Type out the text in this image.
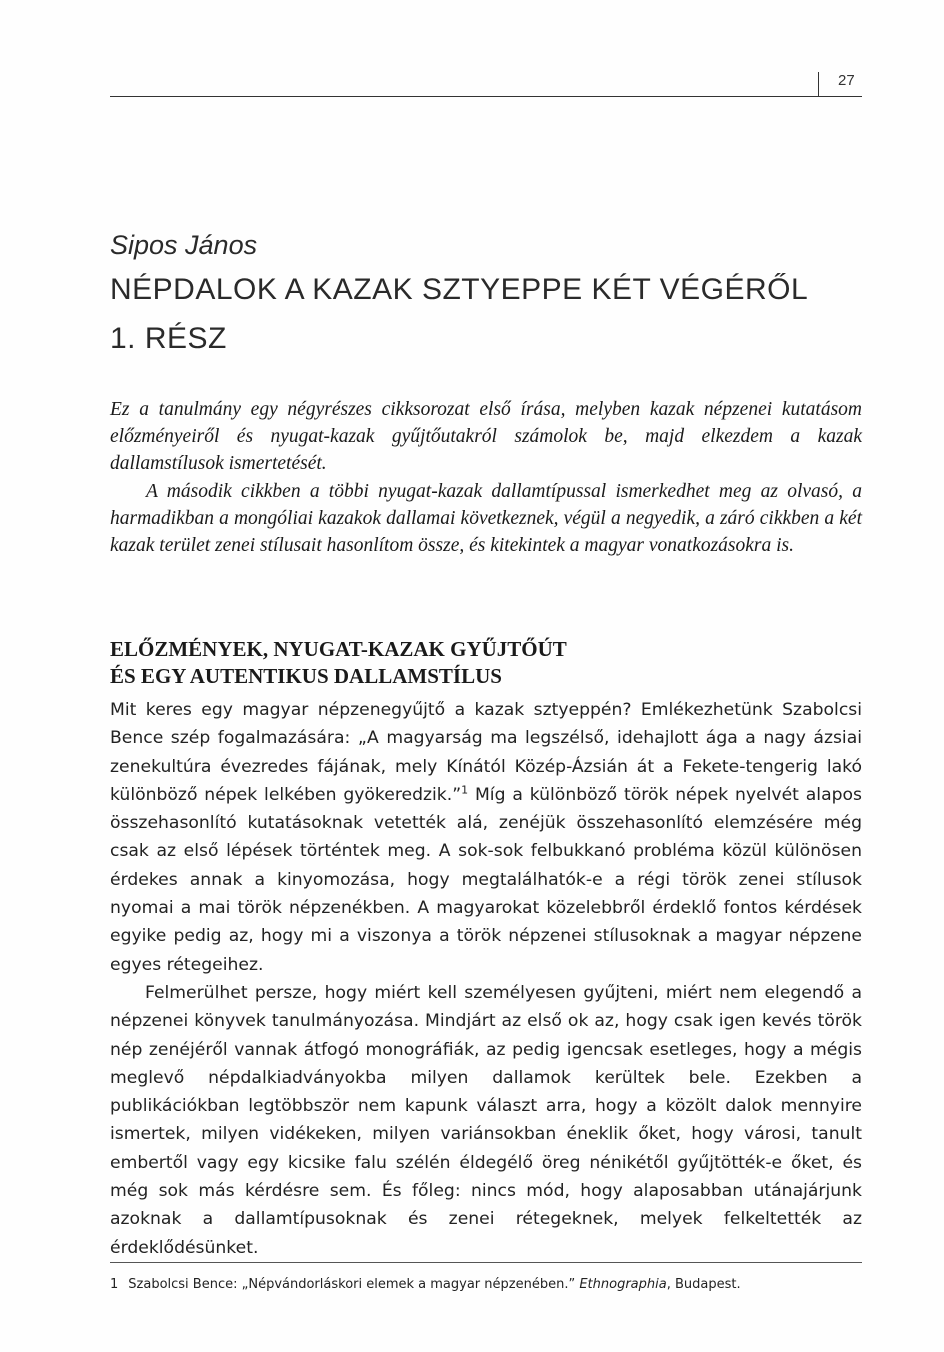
27
Sipos János
NÉPDALOK A KAZAK SZTYEPPE KÉT VÉGÉRŐL
1. RÉSZ

Ez a tanulmány egy négyrészes cikksorozat első írása, melyben kazak népzenei kutatásom előzményeiről és nyugat-kazak gyűjtőutakról számolok be, majd elkezdem a kazak dallamstílusok ismertetését.

A második cikkben a többi nyugat-kazak dallamtípussal ismerkedhet meg az olvasó, a harmadikban a mongóliai kazakok dallamai következnek, végül a negyedik, a záró cikkben a két kazak terület zenei stílusait hasonlítom össze, és kitekintek a magyar vonatkozásokra is.

ELŐZMÉNYEK, NYUGAT-KAZAK GYŰJTŐÚT
ÉS EGY AUTENTIKUS DALLAMSTÍLUS

Mit keres egy magyar népzenegyűjtő a kazak sztyeppén? Emlékezhetünk Szabolcsi Bence szép fogalmazására: „A magyarság ma legszélső, idehajlott ága a nagy ázsiai zenekultúra évezredes fájának, mely Kínától Közép-Ázsián át a Fekete-tengerig lakó különböző népek lelkében gyökeredzik.”$^1$ Míg a különböző török népek nyelvét alapos összehasonlító kutatásoknak vetették alá, zenéjük összehasonlító elemzésére még csak az első lépések történtek meg. A sok-sok felbukkanó probléma közül különösen érdekes annak a kinyomozása, hogy megtalálhatók-e a régi török zenei stílusok nyomai a mai török népzenékben. A magyarokat közelebbről érdeklő fontos kérdések egyike pedig az, hogy mi a viszonya a török népzenei stílusoknak a magyar népzene egyes rétegeihez.

Felmerülhet persze, hogy miért kell személyesen gyűjteni, miért nem elegendő a népzenei könyvek tanulmányozása. Mindjárt az első ok az, hogy csak igen kevés török nép zenéjéről vannak átfogó monográfiák, az pedig igencsak esetleges, hogy a mégis meglevő népdalkiadványokba milyen dallamok kerültek bele. Ezekben a publikációkban legtöbbször nem kapunk választ arra, hogy a közölt dalok mennyire ismertek, milyen vidékeken, milyen variánsokban éneklik őket, hogy városi, tanult embertől vagy egy kicsike falu szélén éldegélő öreg nénikétől gyűjtötték-e őket, és még sok más kérdésre sem. És főleg: nincs mód, hogy alaposabban utánajárjunk azoknak a dallamtípusoknak és zenei rétegeknek, melyek felkeltették az érdeklődésünket.

1 Szabolcsi Bence: „Népvándorláskori elemek a magyar népzenében.” Ethnographia, Budapest.
